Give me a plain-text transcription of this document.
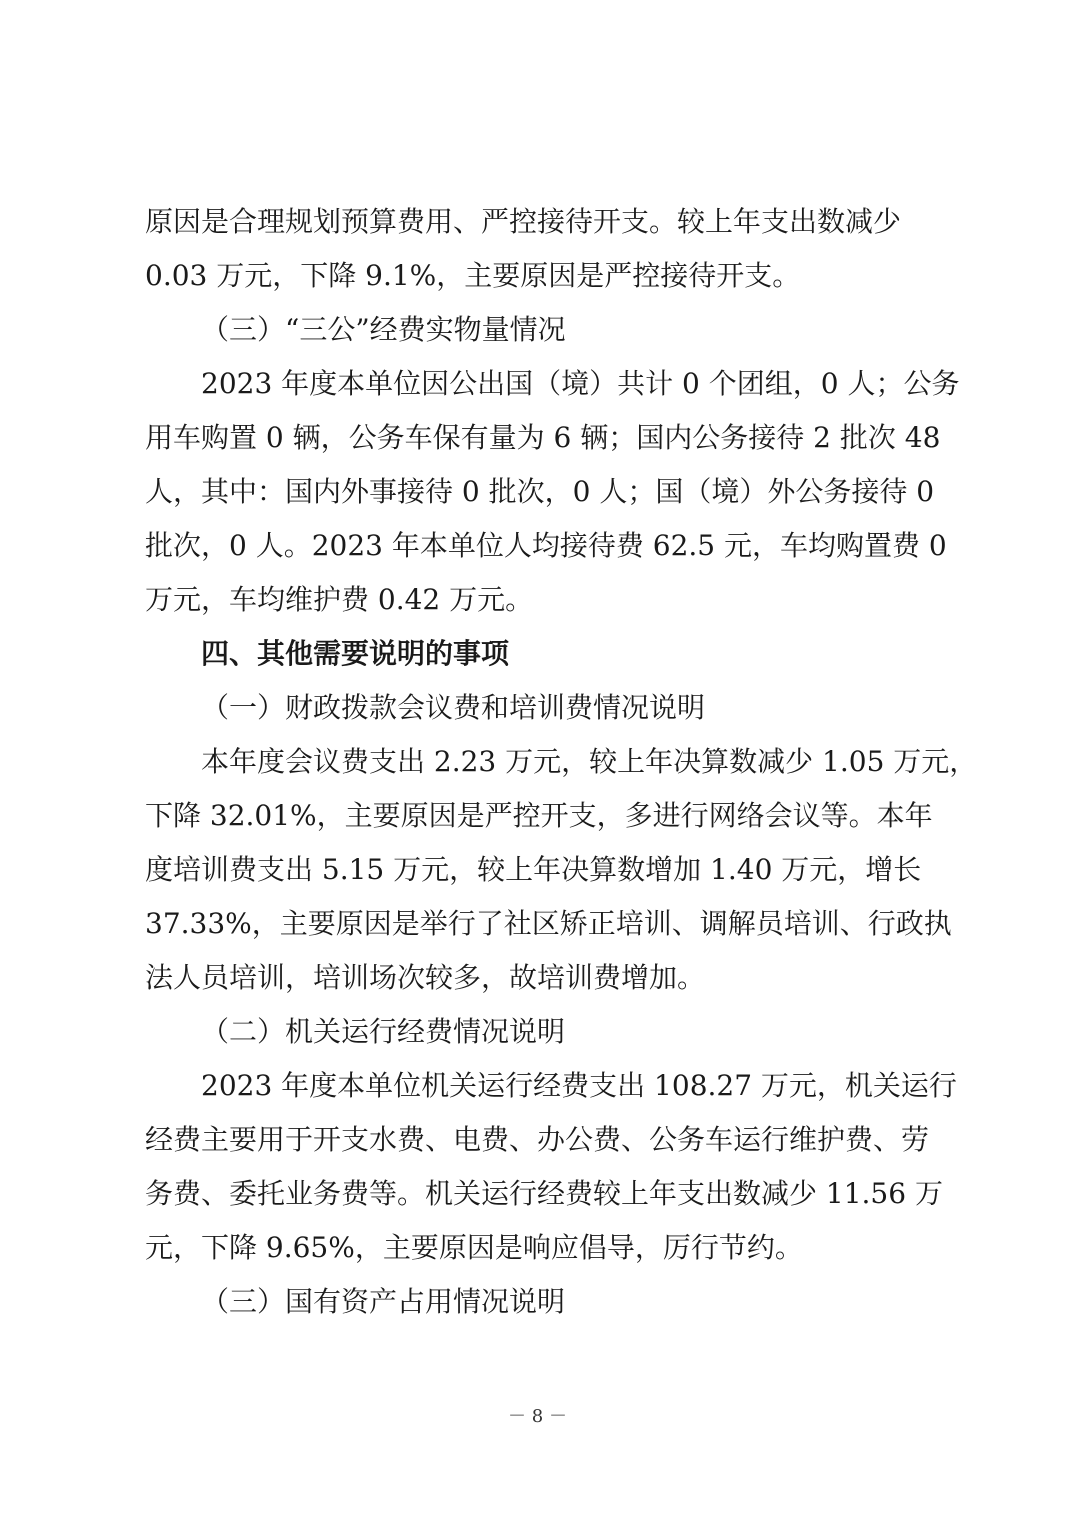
原因是合理规划预算费用、严控接待开支。较上年支出数减少
0.03 万元，下降 9.1%，主要原因是严控接待开支。
（三）“三公”经费实物量情况
2023 年度本单位因公出国（境）共计 0 个团组，0 人；公务
用车购置 0 辆，公务车保有量为 6 辆；国内公务接待 2 批次 48
人，其中：国内外事接待 0 批次，0 人；国（境）外公务接待 0
批次，0 人。2023 年本单位人均接待费 62.5 元，车均购置费 0
万元，车均维护费 0.42 万元。
四、其他需要说明的事项
（一）财政拨款会议费和培训费情况说明
本年度会议费支出 2.23 万元，较上年决算数减少 1.05 万元，
下降 32.01%，主要原因是严控开支，多进行网络会议等。本年
度培训费支出 5.15 万元，较上年决算数增加 1.40 万元，增长
37.33%，主要原因是举行了社区矫正培训、调解员培训、行政执
法人员培训，培训场次较多，故培训费增加。
（二）机关运行经费情况说明
2023 年度本单位机关运行经费支出 108.27 万元，机关运行
经费主要用于开支水费、电费、办公费、公务车运行维护费、劳
务费、委托业务费等。机关运行经费较上年支出数减少 11.56 万
元，下降 9.65%，主要原因是响应倡导，厉行节约。
（三）国有资产占用情况说明
－ 8 －
